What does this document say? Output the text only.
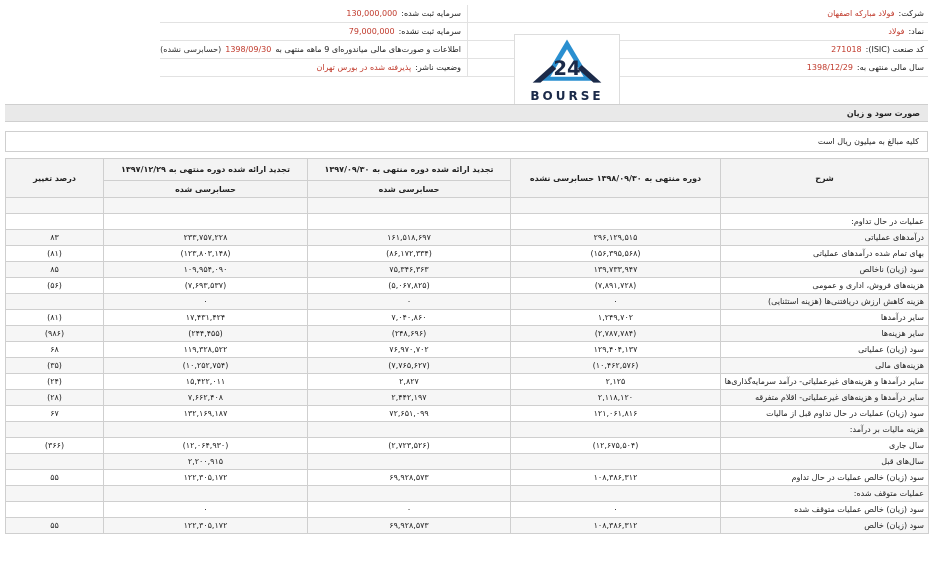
شرکت:
فولاد مبارکه اصفهان
سرمایه ثبت شده:
130,000,000
نماد:
فولاد
سرمایه ثبت نشده:
79,000,000
کد صنعت (ISIC):
271018
اطلاعات و صورت‌های مالی میاندوره‌ای 9 ماهه منتهی به
1398/09/30
(حسابرسی نشده)
سال مالی منتهی به:
1398/12/29
وضعیت ناشر:
پذیرفته شده در بورس تهران	24
BOURSE
صورت سود و زیان
کلیه مبالغ به میلیون ریال است
شرح	دوره منتهی به ۱۳۹۸/۰۹/۳۰ حسابرسی نشده	تجدید ارائه شده دوره منتهی به ۱۳۹۷/۰۹/۳۰	تجدید ارائه شده دوره منتهی به ۱۳۹۷/۱۲/۲۹	درصد تغییر
		حسابرسی شده	حسابرسی شده	

عملیات در حال تداوم:				
درآمدهای عملیاتی	۲۹۶,۱۲۹,۵۱۵	۱۶۱,۵۱۸,۶۹۷	۲۳۳,۷۵۷,۲۲۸	۸۳
بهای تمام شده درآمدهای عملیاتی	(۱۵۶,۳۹۵,۵۶۸)	(۸۶,۱۷۲,۳۳۴)	(۱۲۳,۸۰۳,۱۴۸)	(۸۱)
سود (زیان) ناخالص	۱۳۹,۷۳۳,۹۴۷	۷۵,۳۴۶,۳۶۳	۱۰۹,۹۵۴,۰۹۰	۸۵
هزینه‌های فروش، اداری و عمومی	(۷,۸۹۱,۷۲۸)	(۵,۰۶۷,۸۲۵)	(۷,۶۹۳,۵۳۷)	(۵۶)
هزینه کاهش ارزش دریافتنی‌ها (هزینه استثنایی)	۰	۰	۰	
سایر درآمدها	۱,۲۴۹,۷۰۲	۷,۰۴۰,۸۶۰	۱۷,۴۳۱,۴۲۴	(۸۱)
سایر هزینه‌ها	(۲,۷۸۷,۷۸۴)	(۲۴۸,۶۹۶)	(۲۴۴,۴۵۵)	(۹۸۶)
سود (زیان) عملیاتی	۱۲۹,۴۰۴,۱۳۷	۷۶,۹۷۰,۷۰۲	۱۱۹,۳۲۸,۵۲۲	۶۸
هزینه‌های مالی	(۱۰,۴۶۲,۵۷۶)	(۷,۷۶۵,۶۲۷)	(۱۰,۲۵۲,۷۵۴)	(۳۵)
سایر درآمدها و هزینه‌های غیرعملیاتی- درآمد سرمایه‌گذاری‌ها	۲,۱۲۵	۲,۸۲۷	۱۵,۴۲۲,۰۱۱	(۲۴)
سایر درآمدها و هزینه‌های غیرعملیاتی- اقلام متفرقه	۲,۱۱۸,۱۲۰	۲,۴۴۲,۱۹۷	۷,۶۶۲,۴۰۸	(۲۸)
سود (زیان) عملیات در حال تداوم قبل از مالیات	۱۲۱,۰۶۱,۸۱۶	۷۲,۶۵۱,۰۹۹	۱۳۲,۱۶۹,۱۸۷	۶۷
هزینه مالیات بر درآمد:				
سال جاری	(۱۲,۶۷۵,۵۰۴)	(۲,۷۲۳,۵۲۶)	(۱۲,۰۶۴,۹۳۰)	(۳۶۶)
سال‌های قبل			۲,۲۰۰,۹۱۵	
سود (زیان) خالص عملیات در حال تداوم	۱۰۸,۳۸۶,۳۱۲	۶۹,۹۲۸,۵۷۳	۱۲۲,۳۰۵,۱۷۲	۵۵
عملیات متوقف شده:				
سود (زیان) خالص عملیات متوقف شده	۰	۰	۰	
سود (زیان) خالص	۱۰۸,۳۸۶,۳۱۲	۶۹,۹۲۸,۵۷۳	۱۲۲,۳۰۵,۱۷۲	۵۵
